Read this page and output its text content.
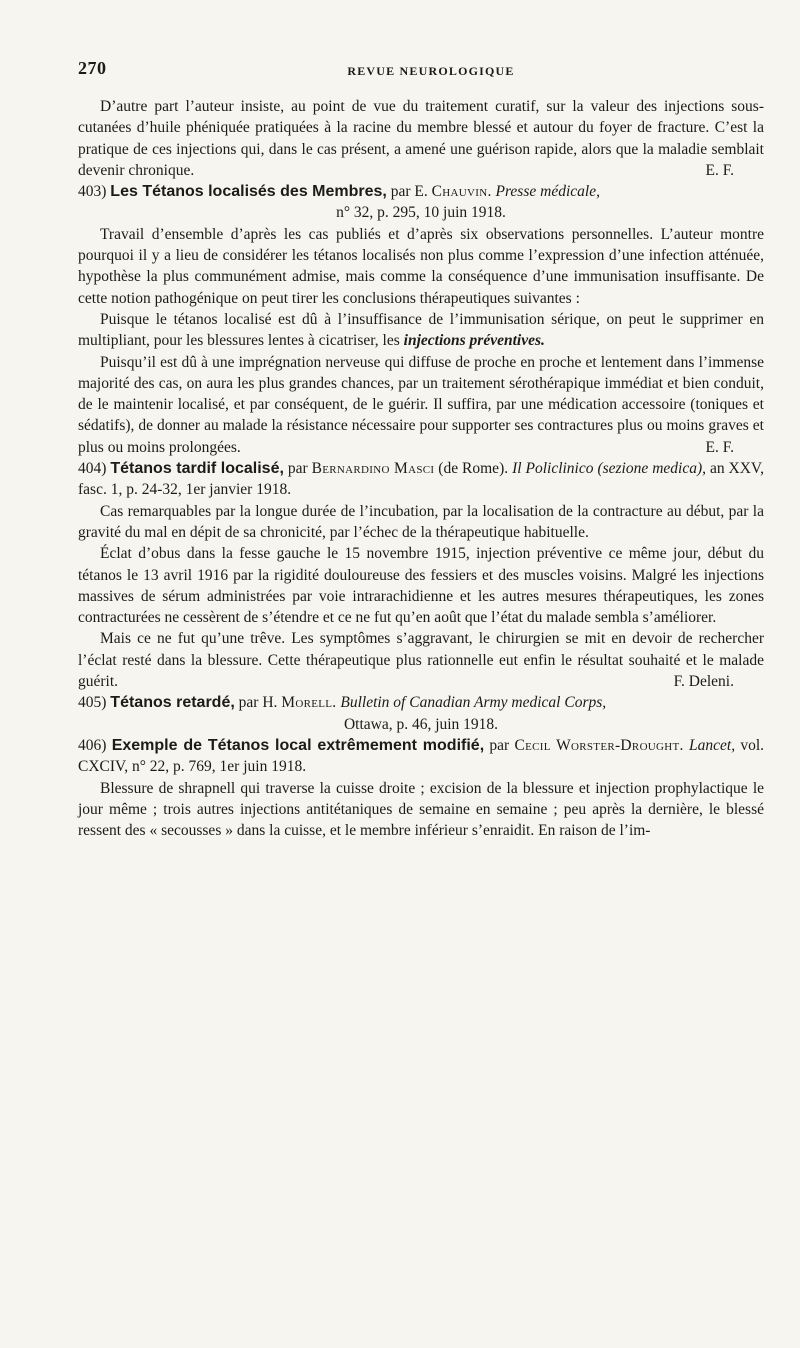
270	REVUE NEUROLOGIQUE

D’autre part l’auteur insiste, au point de vue du traitement curatif, sur la valeur des injections sous-cutanées d’huile phéniquée pratiquées à la racine du membre blessé et autour du foyer de fracture. C’est la pratique de ces injections qui, dans le cas présent, a amené une guérison rapide, alors que la maladie semblait devenir chronique.	E. F.

403) Les Tétanos localisés des Membres, par E. Chauvin. Presse médicale,
n° 32, p. 295, 10 juin 1918.

Travail d’ensemble d’après les cas publiés et d’après six observations personnelles. L’auteur montre pourquoi il y a lieu de considérer les tétanos localisés non plus comme l’expression d’une infection atténuée, hypothèse la plus communément admise, mais comme la conséquence d’une immunisation insuffisante. De cette notion pathogénique on peut tirer les conclusions thérapeutiques suivantes :

Puisque le tétanos localisé est dû à l’insuffisance de l’immunisation sérique, on peut le supprimer en multipliant, pour les blessures lentes à cicatriser, les injections préventives.

Puisqu’il est dû à une imprégnation nerveuse qui diffuse de proche en proche et lentement dans l’immense majorité des cas, on aura les plus grandes chances, par un traitement sérothérapique immédiat et bien conduit, de le maintenir localisé, et par conséquent, de le guérir. Il suffira, par une médication accessoire (toniques et sédatifs), de donner au malade la résistance nécessaire pour supporter ses contractures plus ou moins graves et plus ou moins prolongées.	E. F.

404) Tétanos tardif localisé, par Bernardino Masci (de Rome). Il Policlinico (sezione medica), an XXV, fasc. 1, p. 24-32, 1er janvier 1918.

Cas remarquables par la longue durée de l’incubation, par la localisation de la contracture au début, par la gravité du mal en dépit de sa chronicité, par l’échec de la thérapeutique habituelle.

Éclat d’obus dans la fesse gauche le 15 novembre 1915, injection préventive ce même jour, début du tétanos le 13 avril 1916 par la rigidité douloureuse des fessiers et des muscles voisins. Malgré les injections massives de sérum administrées par voie intrarachidienne et les autres mesures thérapeutiques, les zones contracturées ne cessèrent de s’étendre et ce ne fut qu’en août que l’état du malade sembla s’améliorer.

Mais ce ne fut qu’une trêve. Les symptômes s’aggravant, le chirurgien se mit en devoir de rechercher l’éclat resté dans la blessure. Cette thérapeutique plus rationnelle eut enfin le résultat souhaité et le malade guérit.	F. Deleni.

405) Tétanos retardé, par H. Morell. Bulletin of Canadian Army medical Corps,
Ottawa, p. 46, juin 1918.

406) Exemple de Tétanos local extrêmement modifié, par Cecil Worster-Drought. Lancet, vol. CXCIV, n° 22, p. 769, 1er juin 1918.

Blessure de shrapnell qui traverse la cuisse droite ; excision de la blessure et injection prophylactique le jour même ; trois autres injections antitétaniques de semaine en semaine ; peu après la dernière, le blessé ressent des « secousses » dans la cuisse, et le membre inférieur s’enraidit. En raison de l’im-
